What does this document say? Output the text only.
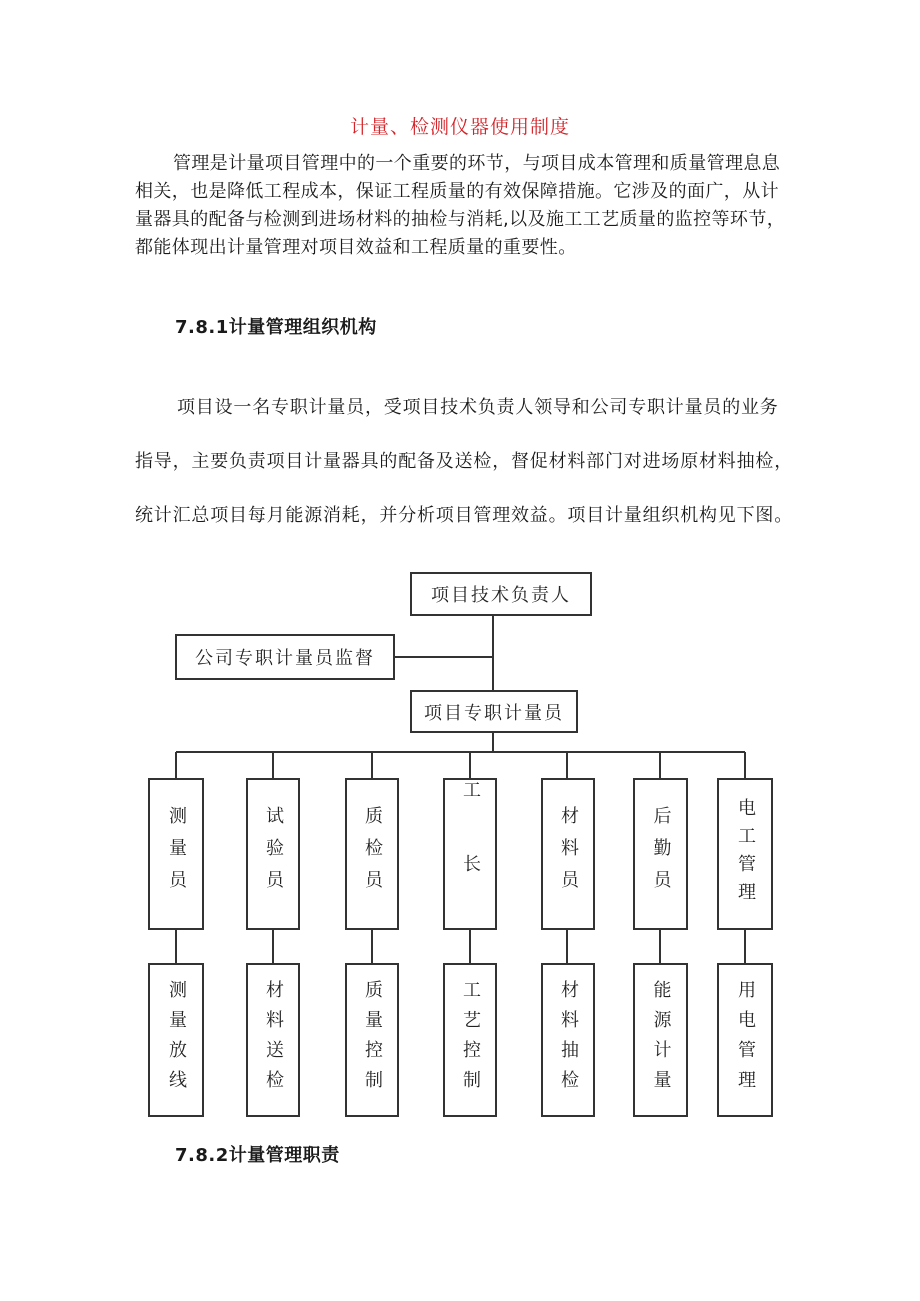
计量、检测仪器使用制度

管理是计量项目管理中的一个重要的环节，与项目成本管理和质量管理息息相关，也是降低工程成本，保证工程质量的有效保障措施。它涉及的面广，从计量器具的配备与检测到进场材料的抽检与消耗,以及施工工艺质量的监控等环节，都能体现出计量管理对项目效益和工程质量的重要性。

7.8.1计量管理组织机构

项目设一名专职计量员，受项目技术负责人领导和公司专职计量员的业务指导，主要负责项目计量器具的配备及送检，督促材料部门对进场原材料抽检，统计汇总项目每月能源消耗，并分析项目管理效益。项目计量组织机构见下图。

项目技术负责人
公司专职计量员监督
项目专职计量员
测量员	试验员	质检员	工长	材料员	后勤员	电工管理
测量放线	材料送检	质量控制	工艺控制	材料抽检	能源计量	用电管理
7.8.2计量管理职责
